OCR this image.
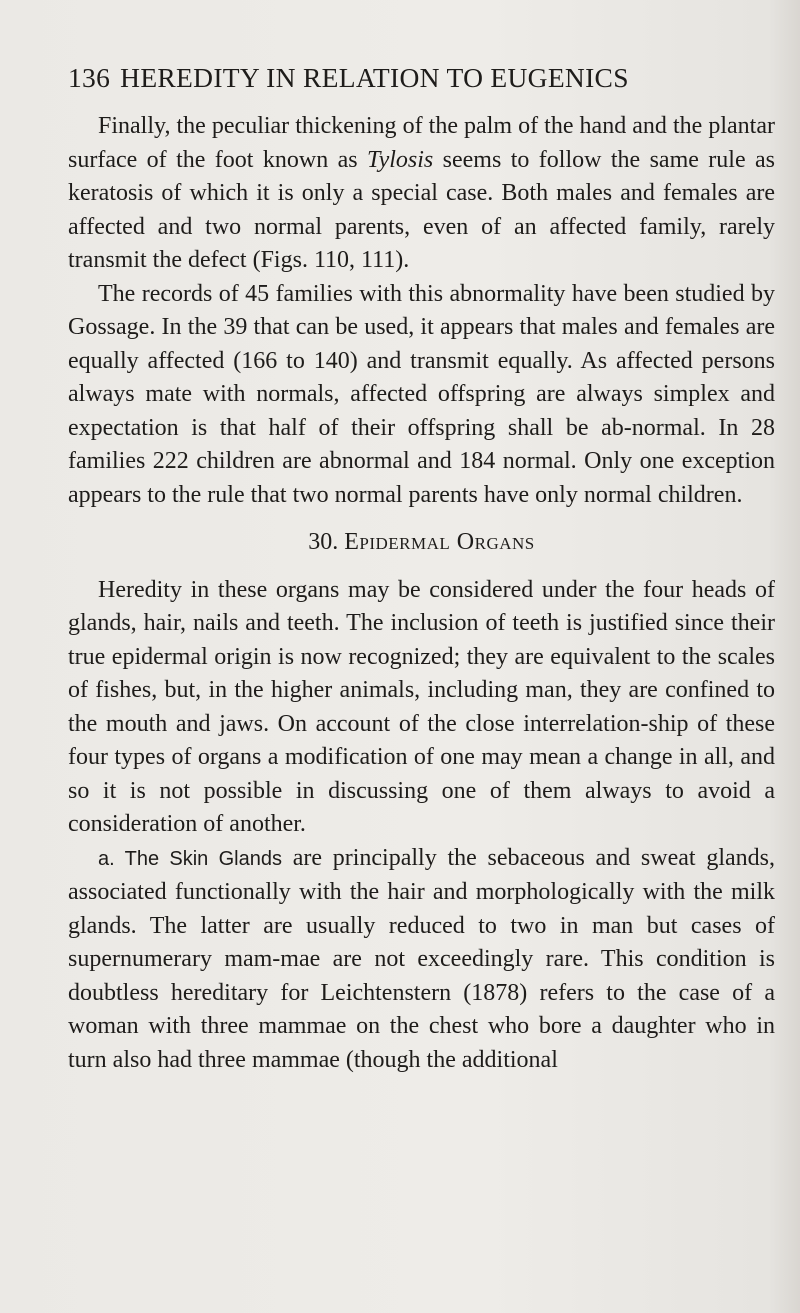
136 HEREDITY IN RELATION TO EUGENICS

Finally, the peculiar thickening of the palm of the hand and the plantar surface of the foot known as Tylosis seems to follow the same rule as keratosis of which it is only a special case. Both males and females are affected and two normal parents, even of an affected family, rarely transmit the defect (Figs. 110, 111).

The records of 45 families with this abnormality have been studied by Gossage. In the 39 that can be used, it appears that males and females are equally affected (166 to 140) and transmit equally. As affected persons always mate with normals, affected offspring are always simplex and expectation is that half of their offspring shall be ab-normal. In 28 families 222 children are abnormal and 184 normal. Only one exception appears to the rule that two normal parents have only normal children.

30. Epidermal Organs

Heredity in these organs may be considered under the four heads of glands, hair, nails and teeth. The inclusion of teeth is justified since their true epidermal origin is now recognized; they are equivalent to the scales of fishes, but, in the higher animals, including man, they are confined to the mouth and jaws. On account of the close interrelation-ship of these four types of organs a modification of one may mean a change in all, and so it is not possible in discussing one of them always to avoid a consideration of another.

a. The Skin Glands are principally the sebaceous and sweat glands, associated functionally with the hair and morphologically with the milk glands. The latter are usually reduced to two in man but cases of supernumerary mam-mae are not exceedingly rare. This condition is doubtless hereditary for Leichtenstern (1878) refers to the case of a woman with three mammae on the chest who bore a daughter who in turn also had three mammae (though the additional
